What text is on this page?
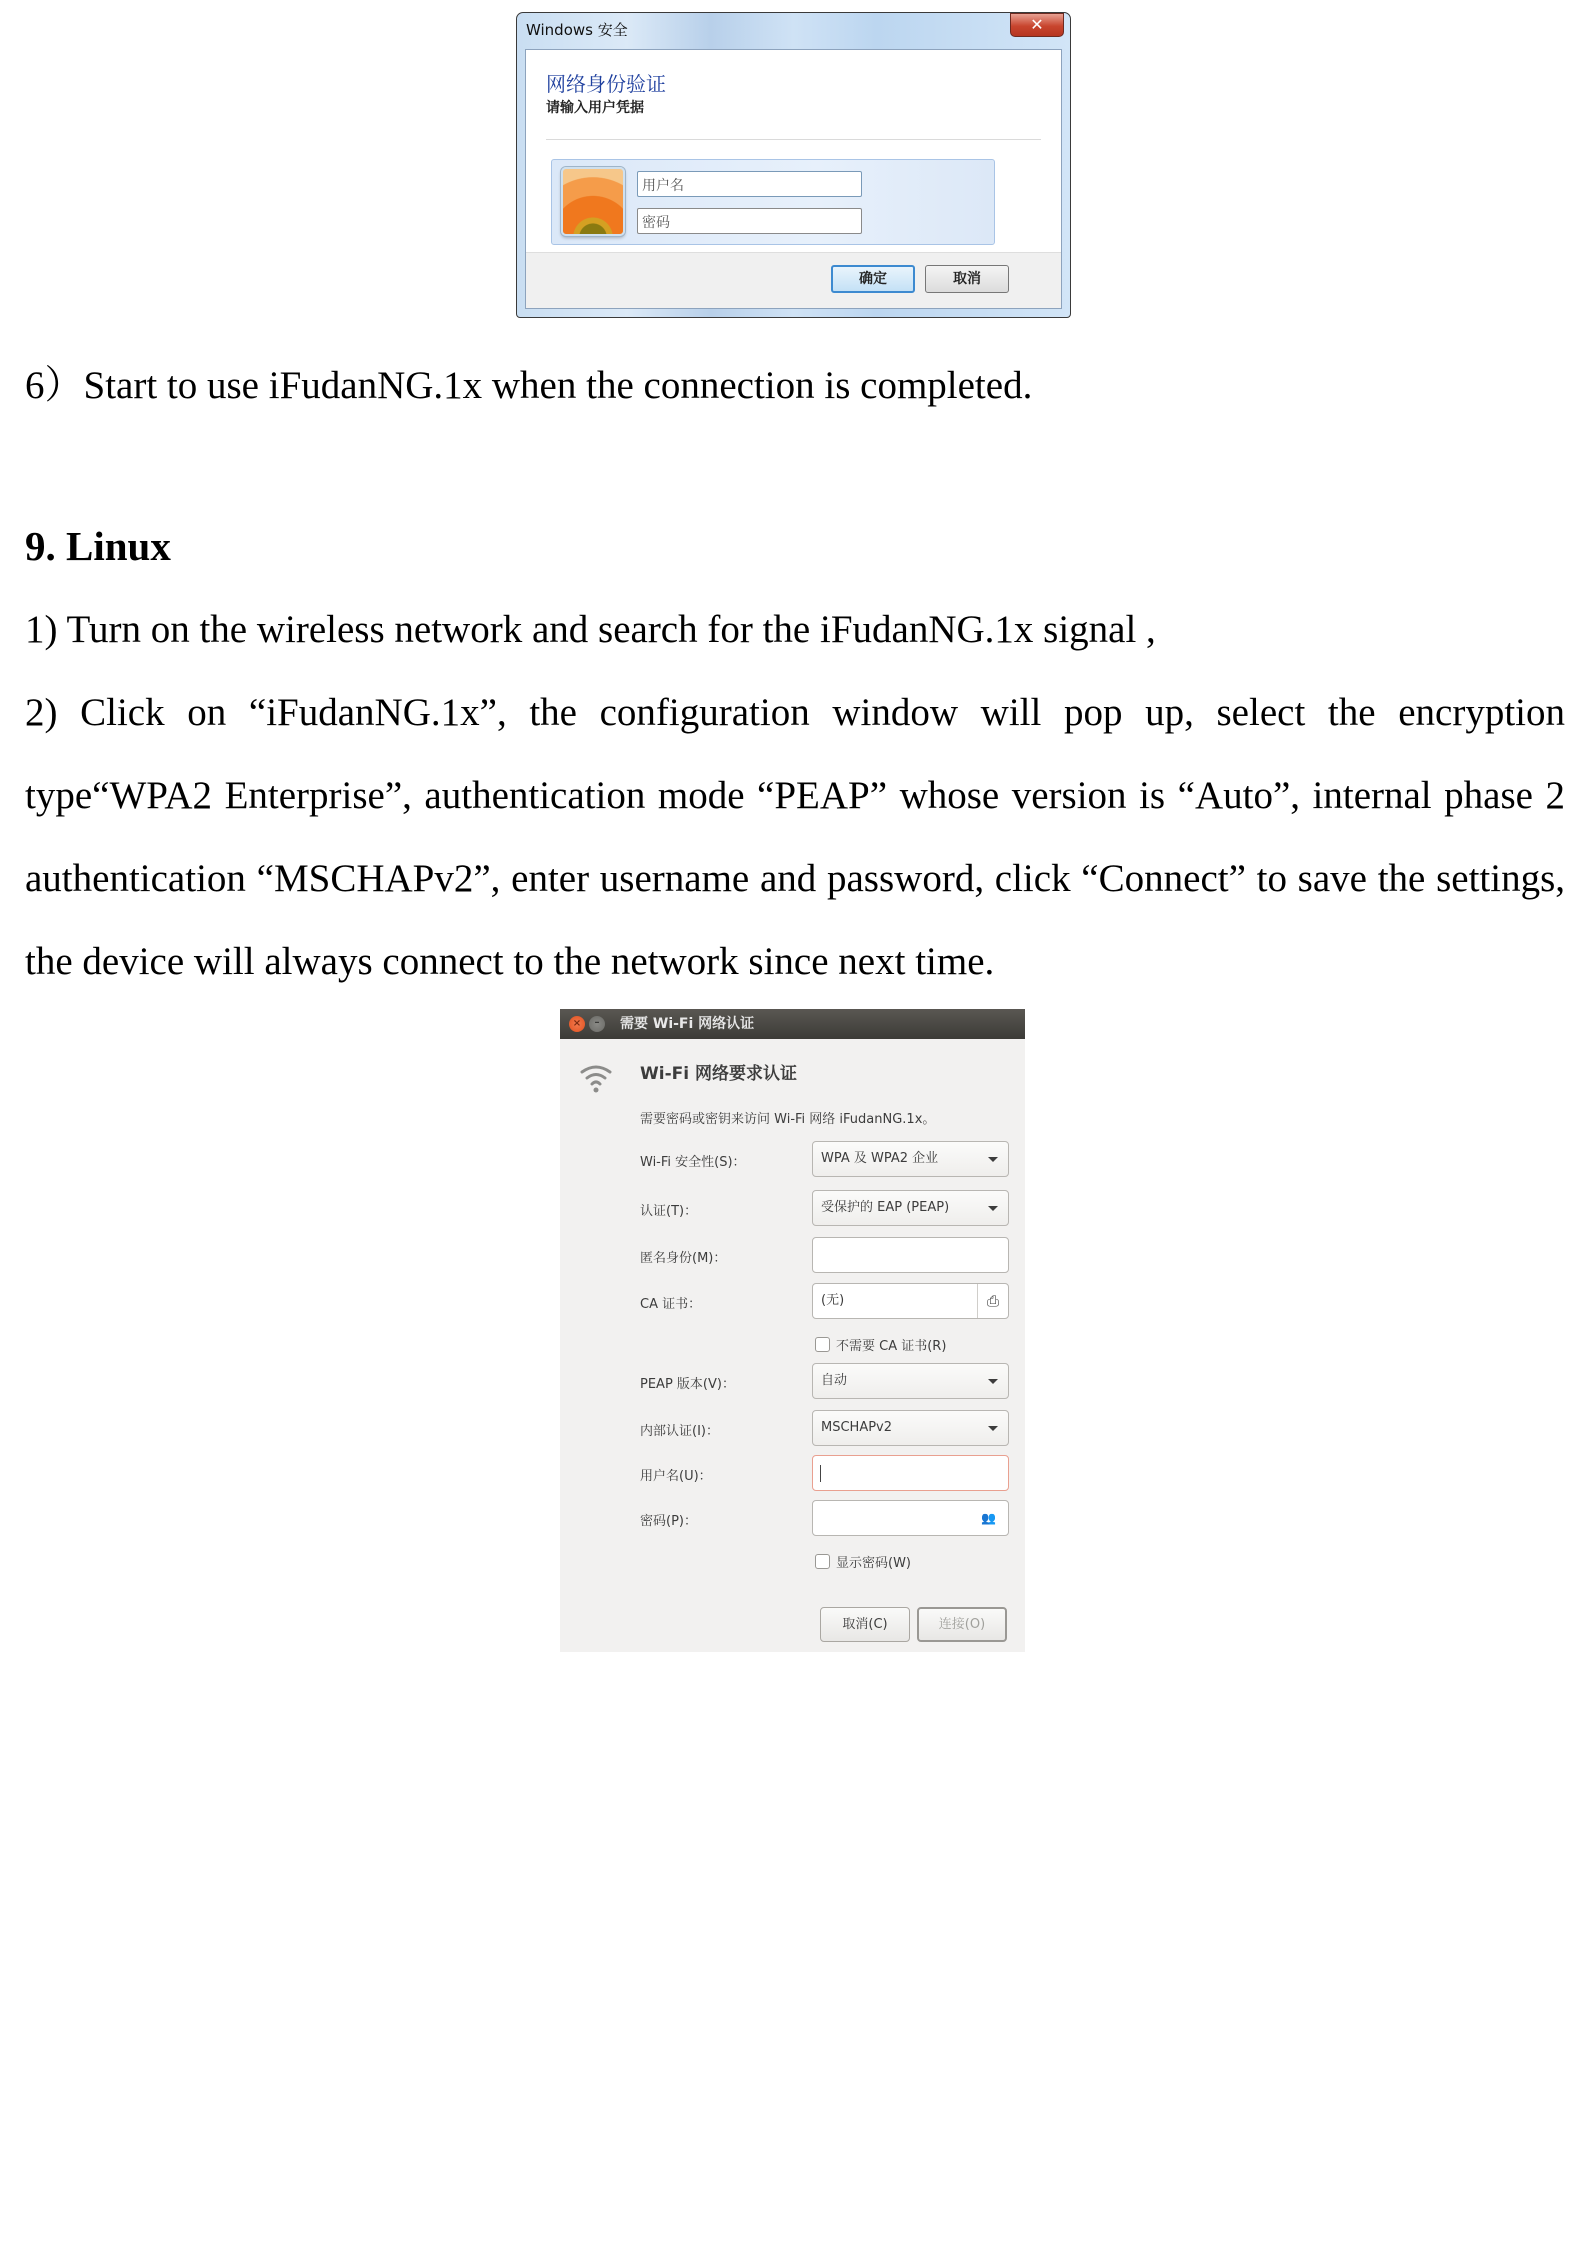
Windows 安全	✕
网络身份验证
请输入用户凭据
用户名
密码
确定	取消
6）Start to use iFudanNG.1x when the connection is completed.
9. Linux
1) Turn on the wireless network and search for the iFudanNG.1x signal ,
2) Click on “iFudanNG.1x”, the configuration window will pop up, select the encryption type“WPA2 Enterprise”, authentication mode “PEAP” whose version is “Auto”, internal phase 2 authentication “MSCHAPv2”, enter username and password, click “Connect” to save the settings, the device will always connect to the network since next time.
×	–	需要 Wi-Fi 网络认证
Wi-Fi 网络要求认证
需要密码或密钥来访问 Wi-Fi 网络 iFudanNG.1x。
Wi-Fi 安全性(S)：	WPA 及 WPA2 企业
认证(T)：	受保护的 EAP (PEAP)
匿名身份(M)：
CA 证书：	(无)	⎙
不需要 CA 证书(R)
PEAP 版本(V)：	自动
内部认证(I)：	MSCHAPv2
用户名(U)：
密码(P)：	👥
显示密码(W)
取消(C)	连接(O)
